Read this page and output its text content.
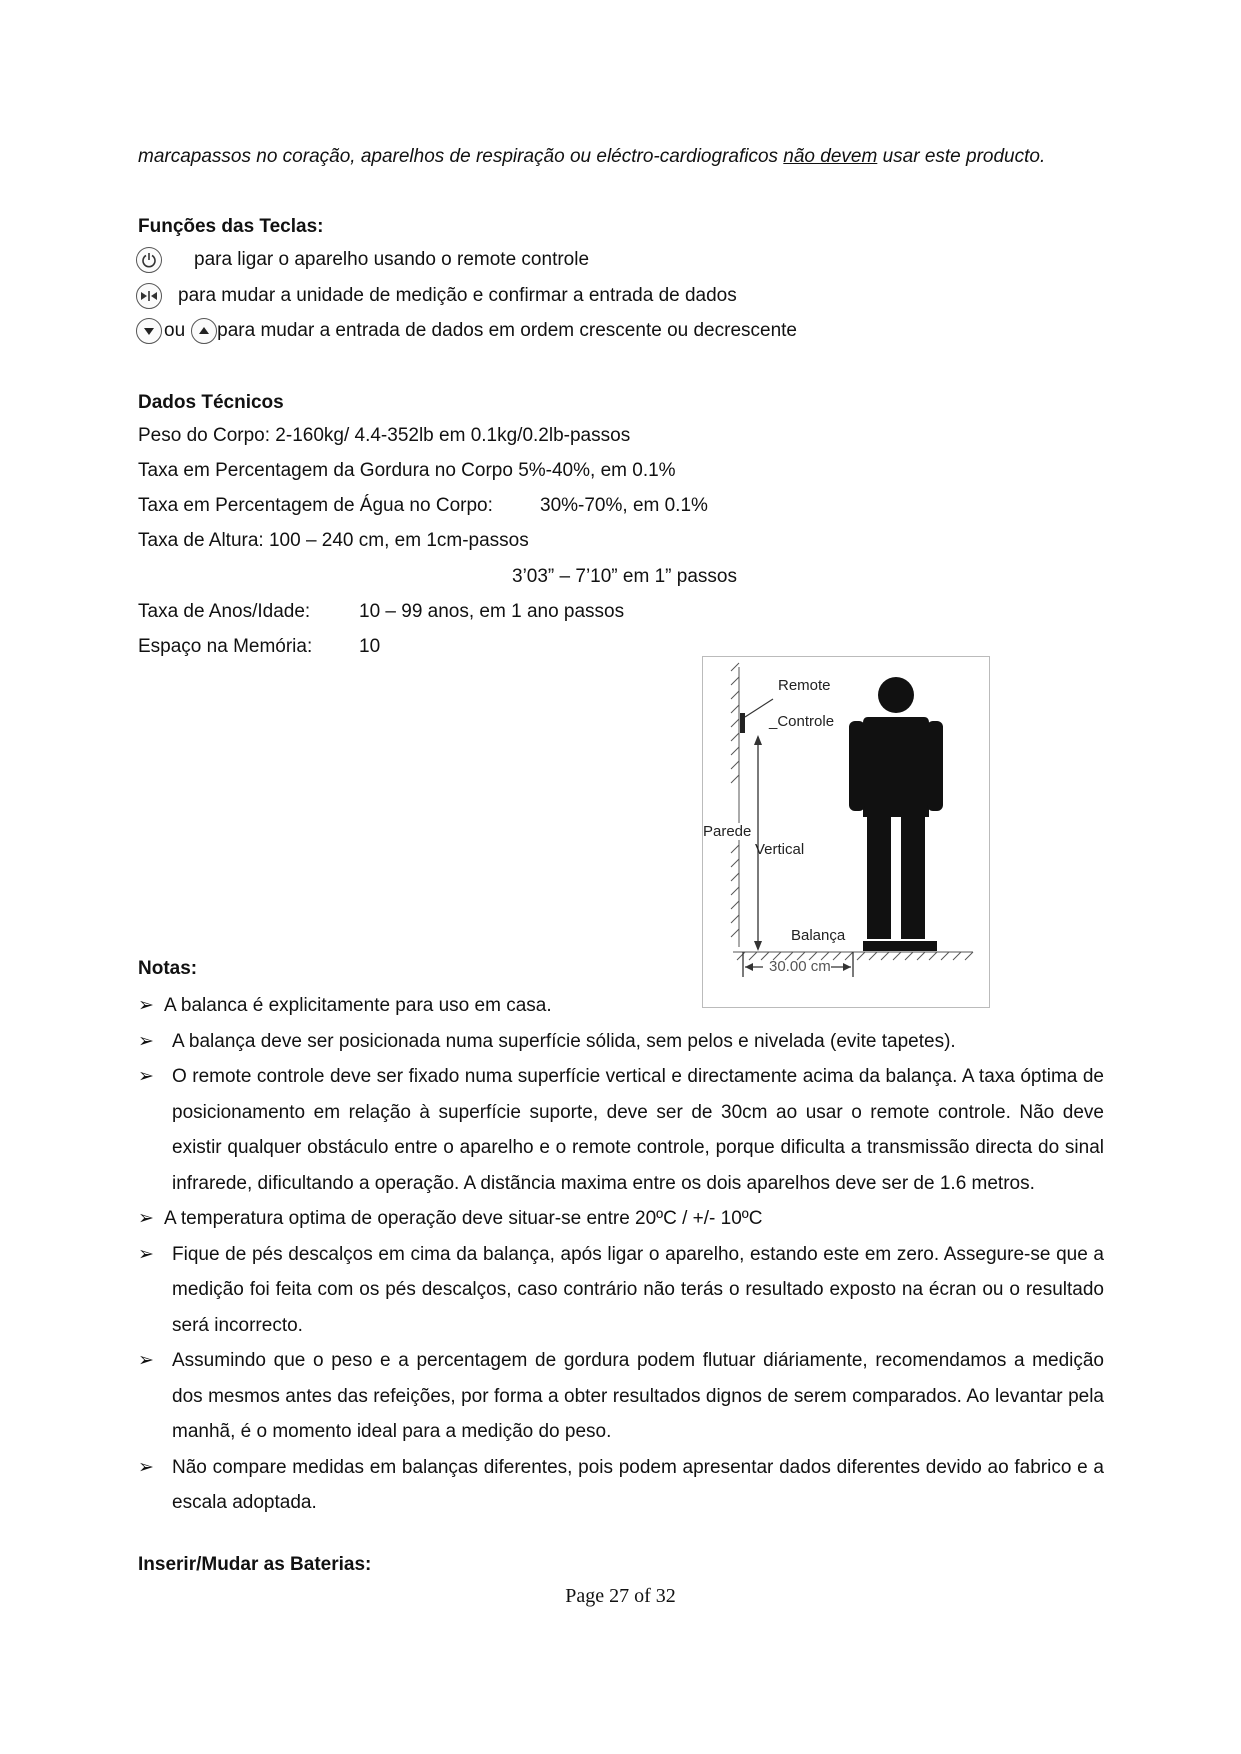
marcapassos no coração, aparelhos de respiração ou eléctro-cardiograficos não devem usar este producto.
Funções das Teclas:
para ligar o aparelho usando o remote controle
para mudar a unidade de medição e confirmar a entrada de dados
ou para mudar a entrada de dados em ordem crescente ou decrescente
Dados Técnicos
Peso do Corpo: 2-160kg/ 4.4-352lb em 0.1kg/0.2lb-passos
Taxa em Percentagem da Gordura no Corpo 5%-40%, em 0.1%
Taxa em Percentagem de Água no Corpo: 30%-70%, em 0.1%
Taxa de Altura: 100 – 240 cm, em 1cm-passos
3’03” – 7’10” em 1” passos
Taxa de Anos/Idade:	10 – 99 anos, em 1 ano passos
Espaço na Memória: 10
Remote
_Controle
Parede
Vertical
Balança
30.00 cm
Notas:
➢ A balanca é explicitamente para uso em casa.
➢ A balança deve ser posicionada numa superfície sólida, sem pelos e nivelada (evite tapetes).
➢ O remote controle deve ser fixado numa superfície vertical e directamente acima da balança. A taxa óptima de posicionamento em relação à superfície suporte, deve ser de 30cm ao usar o remote controle. Não deve existir qualquer obstáculo entre o aparelho e o remote controle, porque dificulta a transmissão directa do sinal infrarede, dificultando a operação. A distãncia maxima entre os dois aparelhos deve ser de 1.6 metros.
➢ A temperatura optima de operação deve situar-se entre 20ºC / +/- 10ºC
➢ Fique de pés descalços em cima da balança, após ligar o aparelho, estando este em zero. Assegure-se que a medição foi feita com os pés descalços, caso contrário não terás o resultado exposto na écran ou o resultado será incorrecto.
➢ Assumindo que o peso e a percentagem de gordura podem flutuar diáriamente, recomendamos a medição dos mesmos antes das refeições, por forma a obter resultados dignos de serem comparados. Ao levantar pela manhã, é o momento ideal para a medição do peso.
➢ Não compare medidas em balanças diferentes, pois podem apresentar dados diferentes devido ao fabrico e a escala adoptada.
Inserir/Mudar as Baterias:
Page 27 of 32
